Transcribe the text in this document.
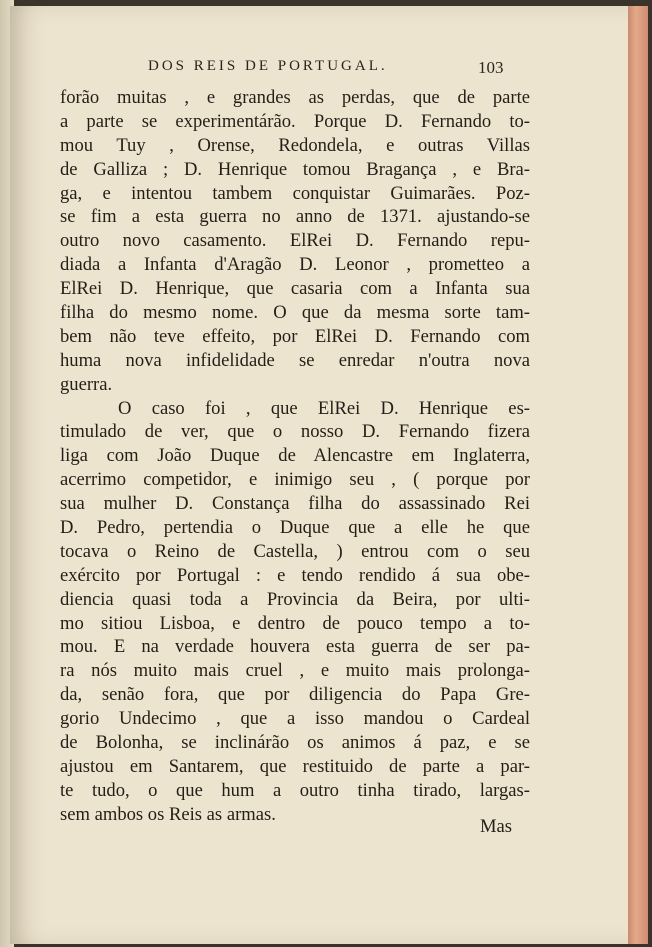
DOS REIS DE PORTUGAL.	103
forão muitas , e grandes as perdas, que de parte
a parte se experimentárão. Porque D. Fernando to-
mou Tuy , Orense, Redondela, e outras Villas
de Galliza ; D. Henrique tomou Bragança , e Bra-
ga, e intentou tambem conquistar Guimarães. Poz-
se fim a esta guerra no anno de 1371. ajustando-se
outro novo casamento. ElRei D. Fernando repu-
diada a Infanta d'Aragão D. Leonor , prometteo a
ElRei D. Henrique, que casaria com a Infanta sua
filha do mesmo nome. O que da mesma sorte tam-
bem não teve effeito, por ElRei D. Fernando com
huma nova infidelidade se enredar n'outra nova
guerra.
O caso foi , que ElRei D. Henrique es-
timulado de ver, que o nosso D. Fernando fizera
liga com João Duque de Alencastre em Inglaterra,
acerrimo competidor, e inimigo seu , ( porque por
sua mulher D. Constança filha do assassinado Rei
D. Pedro, pertendia o Duque que a elle he que
tocava o Reino de Castella, ) entrou com o seu
exército por Portugal : e tendo rendido á sua obe-
diencia quasi toda a Provincia da Beira, por ulti-
mo sitiou Lisboa, e dentro de pouco tempo a to-
mou. E na verdade houvera esta guerra de ser pa-
ra nós muito mais cruel , e muito mais prolonga-
da, senão fora, que por diligencia do Papa Gre-
gorio Undecimo , que a isso mandou o Cardeal
de Bolonha, se inclinárão os animos á paz, e se
ajustou em Santarem, que restituido de parte a par-
te tudo, o que hum a outro tinha tirado, largas-
sem ambos os Reis as armas.
Mas
